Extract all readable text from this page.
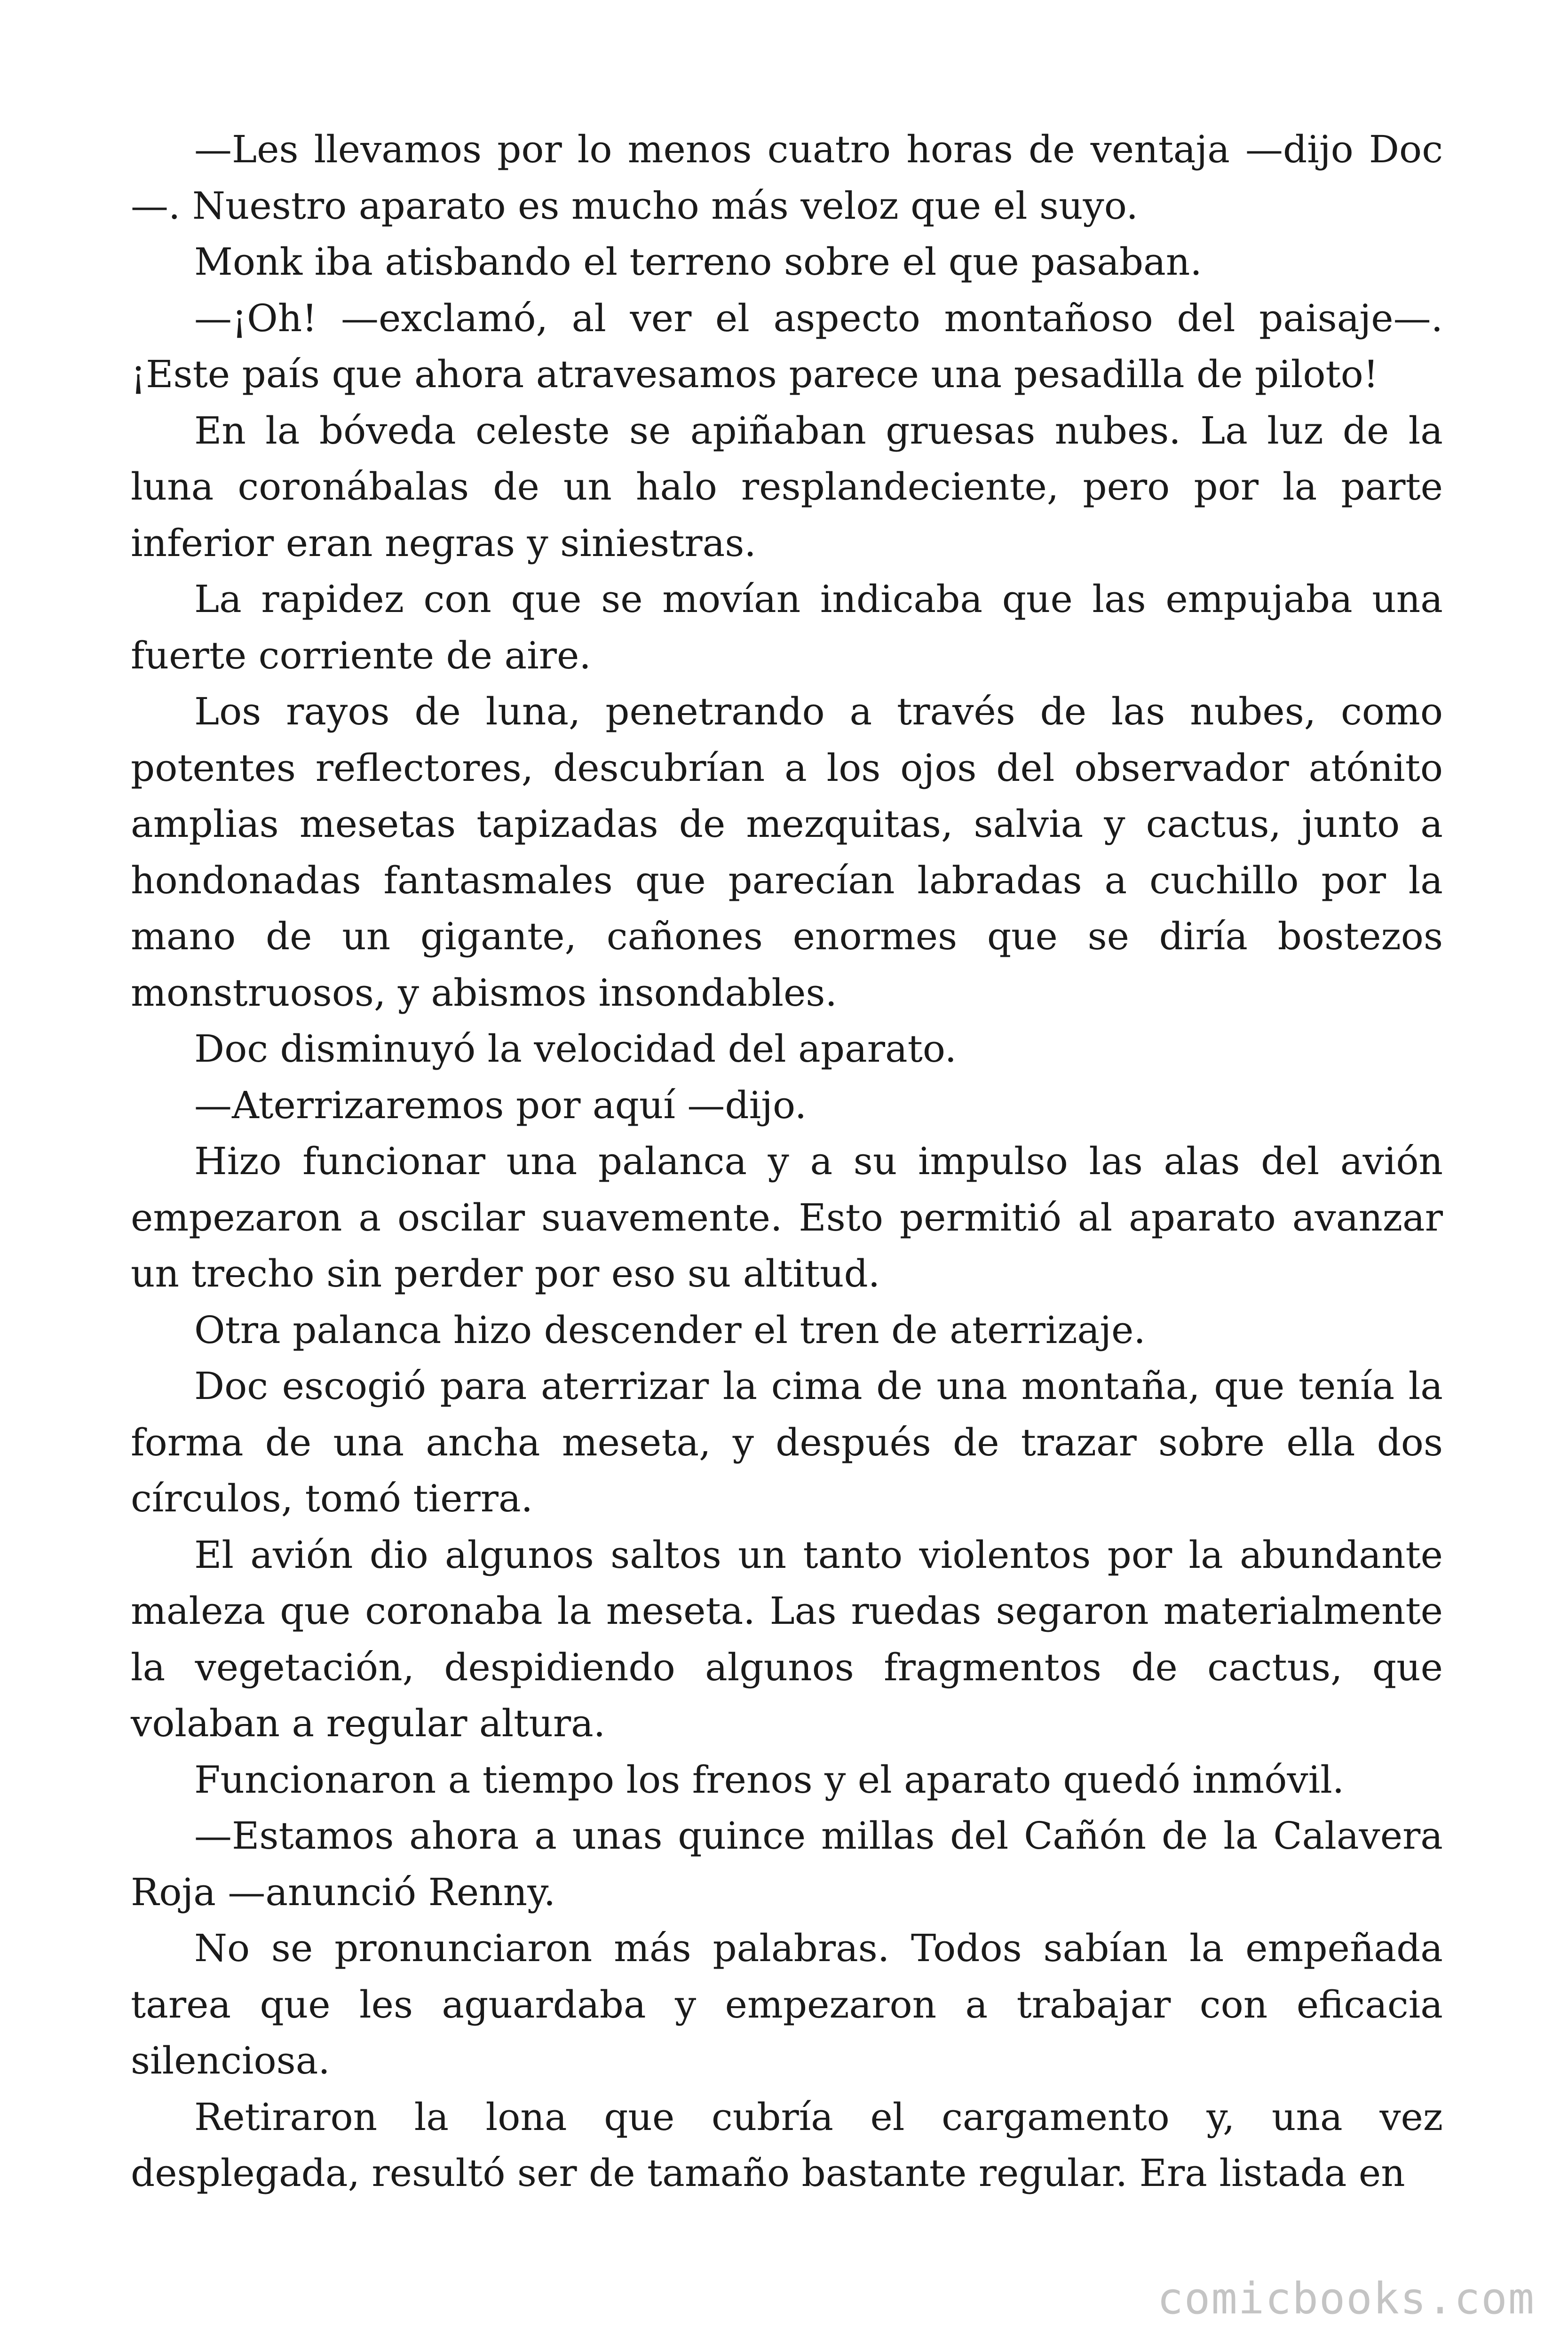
—Les llevamos por lo menos cuatro horas de ventaja —dijo Doc —. Nuestro aparato es mucho más veloz que el suyo.

Monk iba atisbando el terreno sobre el que pasaban.

—¡Oh! —exclamó, al ver el aspecto montañoso del paisaje—. ¡Este país que ahora atravesamos parece una pesadilla de piloto!

En la bóveda celeste se apiñaban gruesas nubes. La luz de la luna coronábalas de un halo resplandeciente, pero por la parte inferior eran negras y siniestras.

La rapidez con que se movían indicaba que las empujaba una fuerte corriente de aire.

Los rayos de luna, penetrando a través de las nubes, como potentes reflectores, descubrían a los ojos del observador atónito amplias mesetas tapizadas de mezquitas, salvia y cactus, junto a hondonadas fantasmales que parecían labradas a cuchillo por la mano de un gigante, cañones enormes que se diría bostezos monstruosos, y abismos insondables.

Doc disminuyó la velocidad del aparato.

—Aterrizaremos por aquí —dijo.

Hizo funcionar una palanca y a su impulso las alas del avión empezaron a oscilar suavemente. Esto permitió al aparato avanzar un trecho sin perder por eso su altitud.

Otra palanca hizo descender el tren de aterrizaje.

Doc escogió para aterrizar la cima de una montaña, que tenía la forma de una ancha meseta, y después de trazar sobre ella dos círculos, tomó tierra.

El avión dio algunos saltos un tanto violentos por la abundante maleza que coronaba la meseta. Las ruedas segaron materialmente la vegetación, despidiendo algunos fragmentos de cactus, que volaban a regular altura.

Funcionaron a tiempo los frenos y el aparato quedó inmóvil.

—Estamos ahora a unas quince millas del Cañón de la Calavera Roja —anunció Renny.

No se pronunciaron más palabras. Todos sabían la empeñada tarea que les aguardaba y empezaron a trabajar con eficacia silenciosa.

Retiraron la lona que cubría el cargamento y, una vez desplegada, resultó ser de tamaño bastante regular. Era listada en

comicbooks.com
